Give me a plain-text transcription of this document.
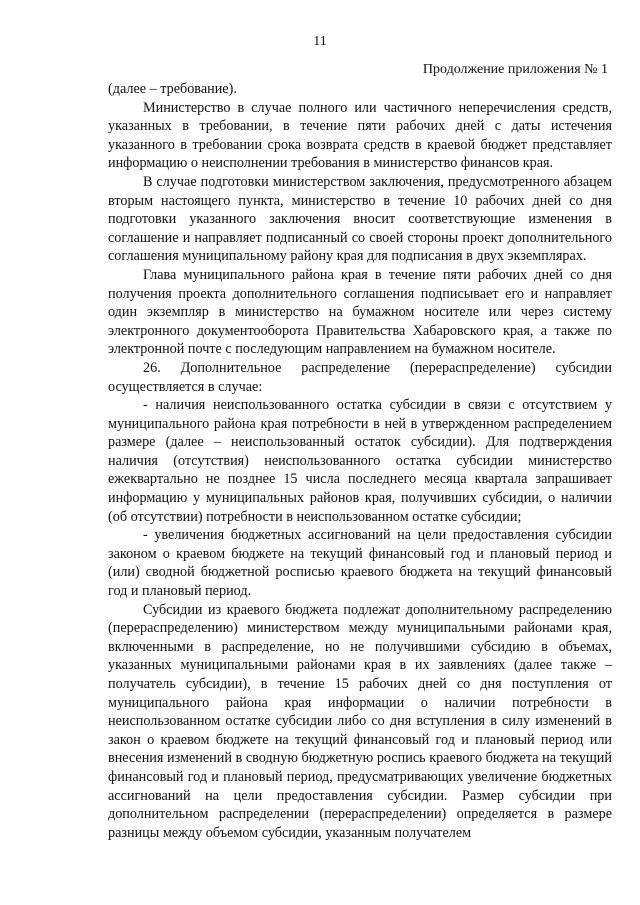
11
Продолжение приложения № 1

(далее – требование).

Министерство в случае полного или частичного неперечисления средств, указанных в требовании, в течение пяти рабочих дней с даты истечения указанного в требовании срока возврата средств в краевой бюджет представляет информацию о неисполнении требования в министерство финансов края.

В случае подготовки министерством заключения, предусмотренного абзацем вторым настоящего пункта, министерство в течение 10 рабочих дней со дня подготовки указанного заключения вносит соответствующие изменения в соглашение и направляет подписанный со своей стороны проект дополнительного соглашения муниципальному району края для подписания в двух экземплярах.

Глава муниципального района края в течение пяти рабочих дней со дня получения проекта дополнительного соглашения подписывает его и направляет один экземпляр в министерство на бумажном носителе или через систему электронного документооборота Правительства Хабаровского края, а также по электронной почте с последующим направлением на бумажном носителе.

26. Дополнительное распределение (перераспределение) субсидии осуществляется в случае:

- наличия неиспользованного остатка субсидии в связи с отсутствием у муниципального района края потребности в ней в утвержденном распределением размере (далее – неиспользованный остаток субсидии). Для подтверждения наличия (отсутствия) неиспользованного остатка субсидии министерство ежеквартально не позднее 15 числа последнего месяца квартала запрашивает информацию у муниципальных районов края, получивших субсидии, о наличии (об отсутствии) потребности в неиспользованном остатке субсидии;

- увеличения бюджетных ассигнований на цели предоставления субсидии законом о краевом бюджете на текущий финансовый год и плановый период и (или) сводной бюджетной росписью краевого бюджета на текущий финансовый год и плановый период.

Субсидии из краевого бюджета подлежат дополнительному распределению (перераспределению) министерством между муниципальными районами края, включенными в распределение, но не получившими субсидию в объемах, указанных муниципальными районами края в их заявлениях (далее также – получатель субсидии), в течение 15 рабочих дней со дня поступления от муниципального района края информации о наличии потребности в неиспользованном остатке субсидии либо со дня вступления в силу изменений в закон о краевом бюджете на текущий финансовый год и плановый период или внесения изменений в сводную бюджетную роспись краевого бюджета на текущий финансовый год и плановый период, предусматривающих увеличение бюджетных ассигнований на цели предоставления субсидии. Размер субсидии при дополнительном распределении (перераспределении) определяется в размере разницы между объемом субсидии, указанным получателем
